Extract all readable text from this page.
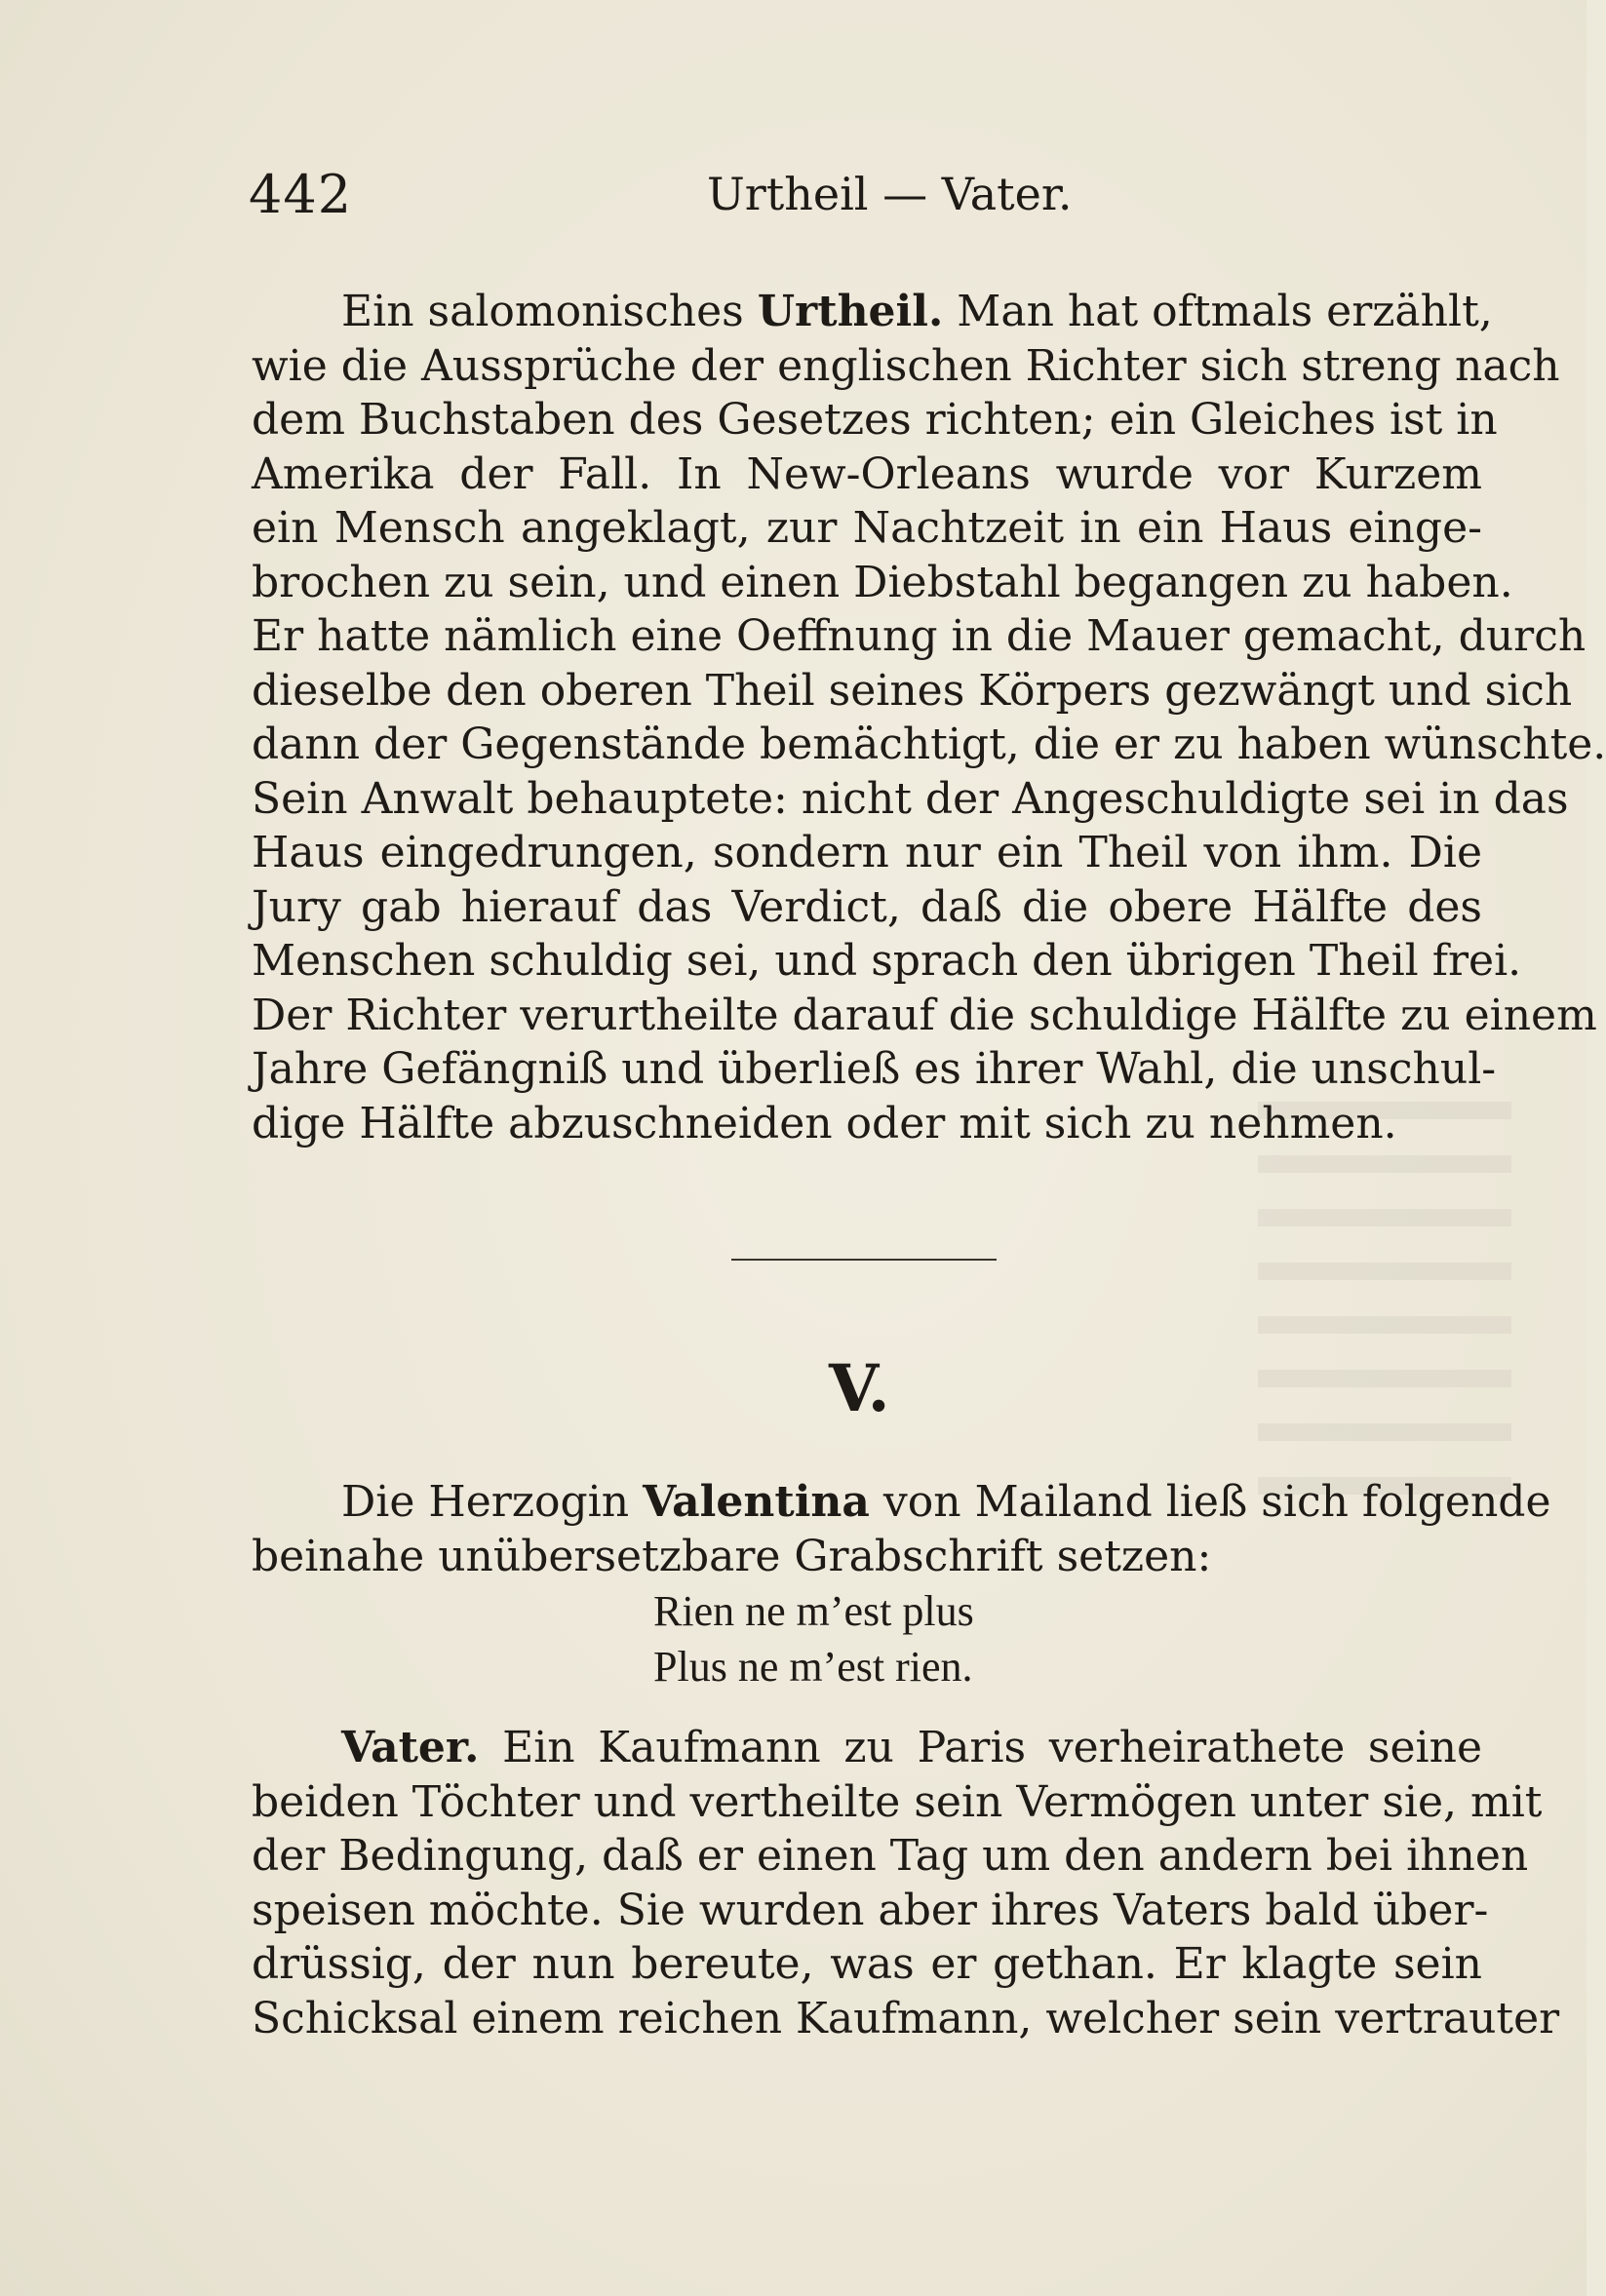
442	Urtheil — Vater.
Ein salomonisches Urtheil. Man hat oftmals erzählt,
wie die Aussprüche der englischen Richter sich streng nach
dem Buchstaben des Gesetzes richten; ein Gleiches ist in
Amerika der Fall. In New-Orleans wurde vor Kurzem
ein Mensch angeklagt, zur Nachtzeit in ein Haus einge-
brochen zu sein, und einen Diebstahl begangen zu haben.
Er hatte nämlich eine Oeffnung in die Mauer gemacht, durch
dieselbe den oberen Theil seines Körpers gezwängt und sich
dann der Gegenstände bemächtigt, die er zu haben wünschte.
Sein Anwalt behauptete: nicht der Angeschuldigte sei in das
Haus eingedrungen, sondern nur ein Theil von ihm. Die
Jury gab hierauf das Verdict, daß die obere Hälfte des
Menschen schuldig sei, und sprach den übrigen Theil frei.
Der Richter verurtheilte darauf die schuldige Hälfte zu einem
Jahre Gefängniß und überließ es ihrer Wahl, die unschul-
dige Hälfte abzuschneiden oder mit sich zu nehmen.
V.
Die Herzogin Valentina von Mailand ließ sich folgende
beinahe unübersetzbare Grabschrift setzen:
Rien ne m’est plus
Plus ne m’est rien.
Vater. Ein Kaufmann zu Paris verheirathete seine
beiden Töchter und vertheilte sein Vermögen unter sie, mit
der Bedingung, daß er einen Tag um den andern bei ihnen
speisen möchte. Sie wurden aber ihres Vaters bald über-
drüssig, der nun bereute, was er gethan. Er klagte sein
Schicksal einem reichen Kaufmann, welcher sein vertrauter
